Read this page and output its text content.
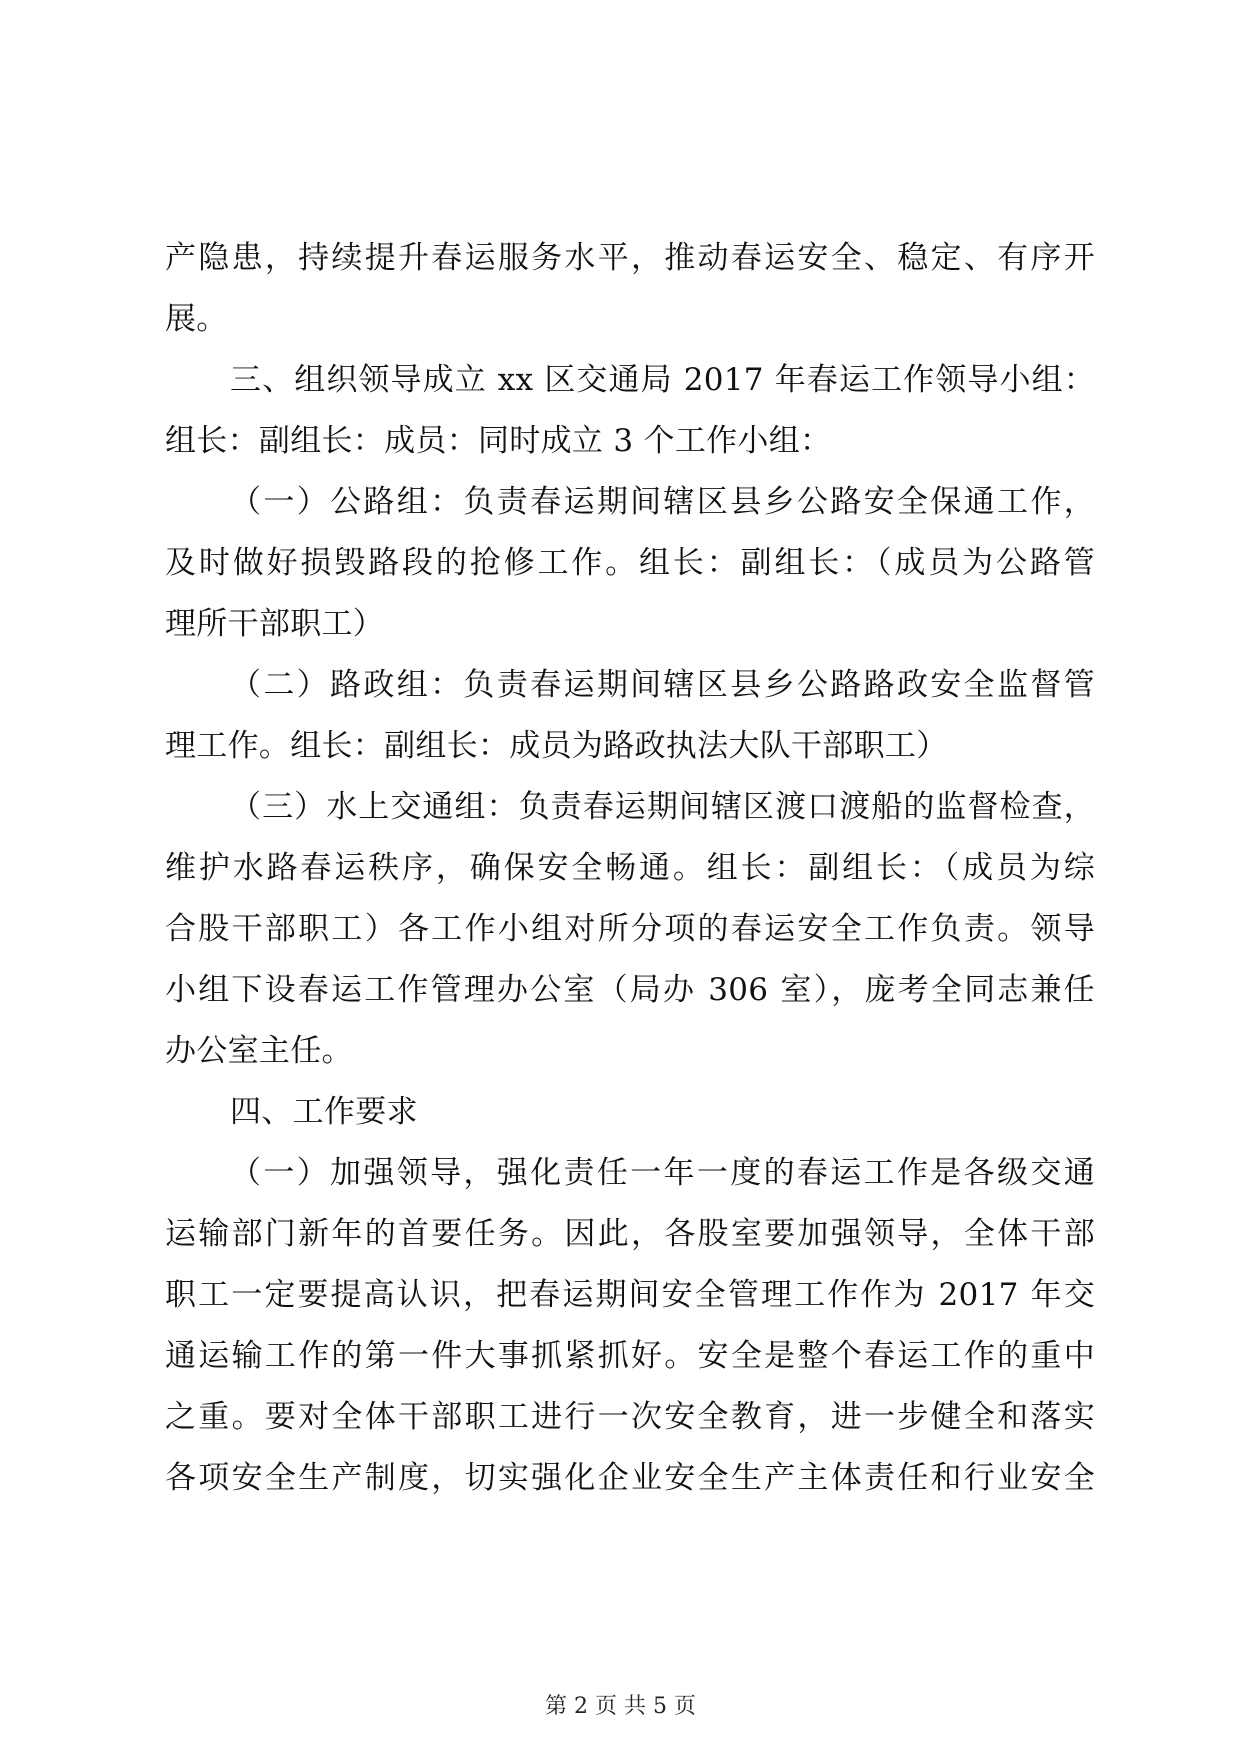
产隐患，持续提升春运服务水平，推动春运安全、稳定、有序开
展。
三、组织领导成立 xx 区交通局 2017 年春运工作领导小组：
组长：副组长：成员：同时成立 3 个工作小组：
（一）公路组：负责春运期间辖区县乡公路安全保通工作，
及时做好损毁路段的抢修工作。组长：副组长：（成员为公路管
理所干部职工）
（二）路政组：负责春运期间辖区县乡公路路政安全监督管
理工作。组长：副组长：成员为路政执法大队干部职工）
（三）水上交通组：负责春运期间辖区渡口渡船的监督检查，
维护水路春运秩序，确保安全畅通。组长：副组长：（成员为综
合股干部职工）各工作小组对所分项的春运安全工作负责。领导
小组下设春运工作管理办公室（局办 306 室），庞考全同志兼任
办公室主任。
四、工作要求
（一）加强领导，强化责任一年一度的春运工作是各级交通
运输部门新年的首要任务。因此，各股室要加强领导，全体干部
职工一定要提高认识，把春运期间安全管理工作作为 2017 年交
通运输工作的第一件大事抓紧抓好。安全是整个春运工作的重中
之重。要对全体干部职工进行一次安全教育，进一步健全和落实
各项安全生产制度，切实强化企业安全生产主体责任和行业安全
第 2 页 共 5 页
